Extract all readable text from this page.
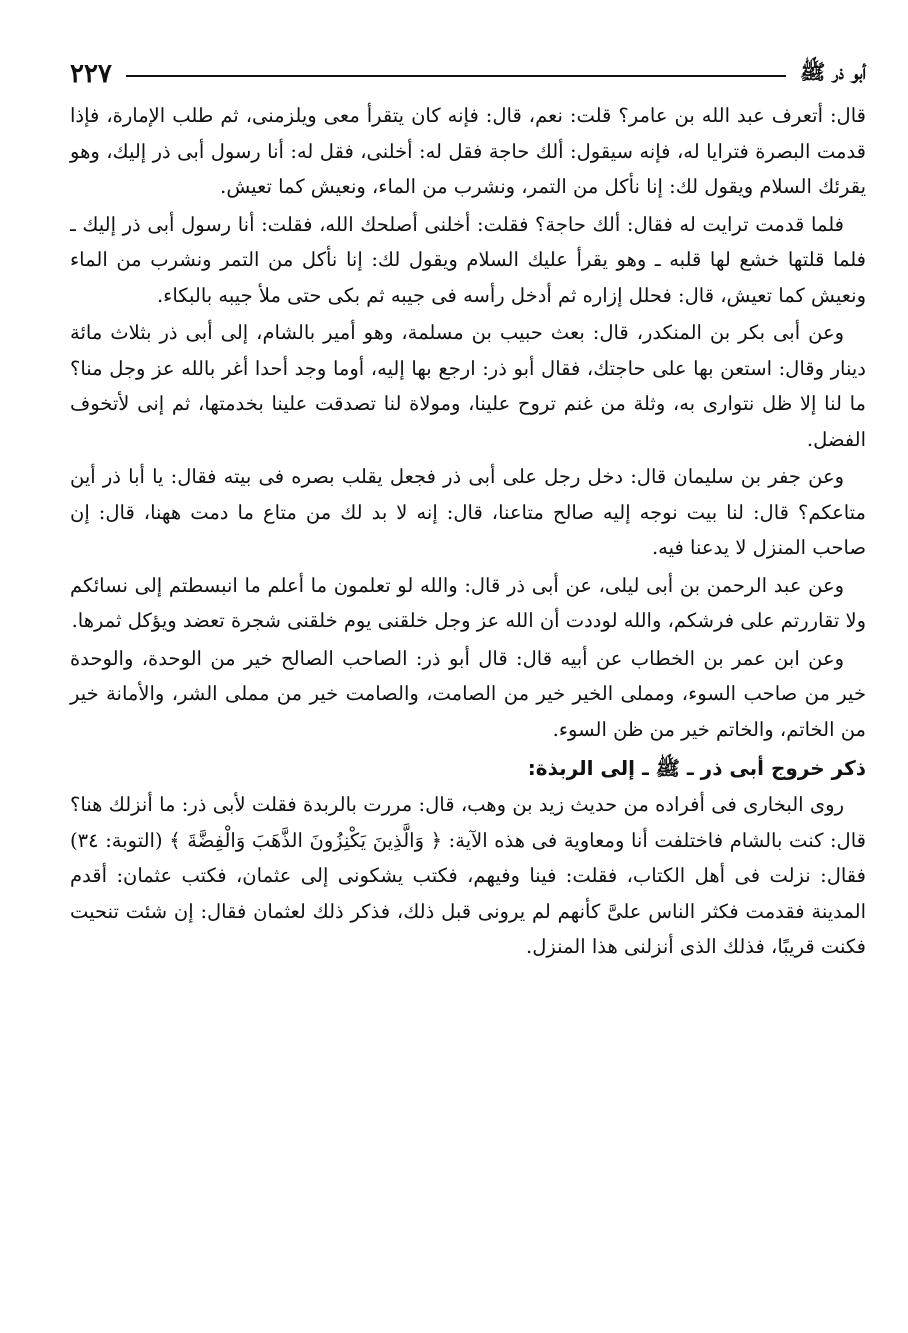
أبو ذر ﷺ
٢٢٧

قال: أتعرف عبد الله بن عامر؟ قلت: نعم، قال: فإنه كان يتقرأ معى ويلزمنى، ثم طلب الإمارة، فإذا قدمت البصرة فترايا له، فإنه سيقول: ألك حاجة فقل له: أخلنى، فقل له: أنا رسول أبى ذر إليك، وهو يقرئك السلام ويقول لك: إنا نأكل من التمر، ونشرب من الماء، ونعيش كما تعيش.

فلما قدمت ترايت له فقال: ألك حاجة؟ فقلت: أخلنى أصلحك الله، فقلت: أنا رسول أبى ذر إليك ـ فلما قلتها خشع لها قلبه ـ وهو يقرأ عليك السلام ويقول لك: إنا نأكل من التمر ونشرب من الماء ونعيش كما تعيش، قال: فحلل إزاره ثم أدخل رأسه فى جيبه ثم بكى حتى ملأ جيبه بالبكاء.

وعن أبى بكر بن المنكدر، قال: بعث حبيب بن مسلمة، وهو أمير بالشام، إلى أبى ذر بثلاث مائة دينار وقال: استعن بها على حاجتك، فقال أبو ذر: ارجع بها إليه، أوما وجد أحدا أغر بالله عز وجل منا؟ ما لنا إلا ظل نتوارى به، وثلة من غنم تروح علينا، ومولاة لنا تصدقت علينا بخدمتها، ثم إنى لأتخوف الفضل.

وعن جفر بن سليمان قال: دخل رجل على أبى ذر فجعل يقلب بصره فى بيته فقال: يا أبا ذر أين متاعكم؟ قال: لنا بيت نوجه إليه صالح متاعنا، قال: إنه لا بد لك من متاع ما دمت ههنا، قال: إن صاحب المنزل لا يدعنا فيه.

وعن عبد الرحمن بن أبى ليلى، عن أبى ذر قال: والله لو تعلمون ما أعلم ما انبسطتم إلى نسائكم ولا تقاررتم على فرشكم، والله لوددت أن الله عز وجل خلقنى يوم خلقنى شجرة تعضد ويؤكل ثمرها.

وعن ابن عمر بن الخطاب عن أبيه قال: قال أبو ذر: الصاحب الصالح خير من الوحدة، والوحدة خير من صاحب السوء، ومملى الخير خير من الصامت، والصامت خير من مملى الشر، والأمانة خير من الخاتم، والخاتم خير من ظن السوء.

ذكر خروج أبى ذر ـ ﷺ ـ إلى الربذة:

روى البخارى فى أفراده من حديث زيد بن وهب، قال: مررت بالربدة فقلت لأبى ذر: ما أنزلك هنا؟ قال: كنت بالشام فاختلفت أنا ومعاوية فى هذه الآية: ﴿ وَالَّذِينَ يَكْنِزُونَ الذَّهَبَ وَالْفِضَّةَ ﴾ (التوبة: ٣٤) فقال: نزلت فى أهل الكتاب، فقلت: فينا وفيهم، فكتب يشكونى إلى عثمان، فكتب عثمان: أقدم المدينة فقدمت فكثر الناس علىَّ كأنهم لم يرونى قبل ذلك، فذكر ذلك لعثمان فقال: إن شئت تنحيت فكنت قريبًا، فذلك الذى أنزلنى هذا المنزل.
